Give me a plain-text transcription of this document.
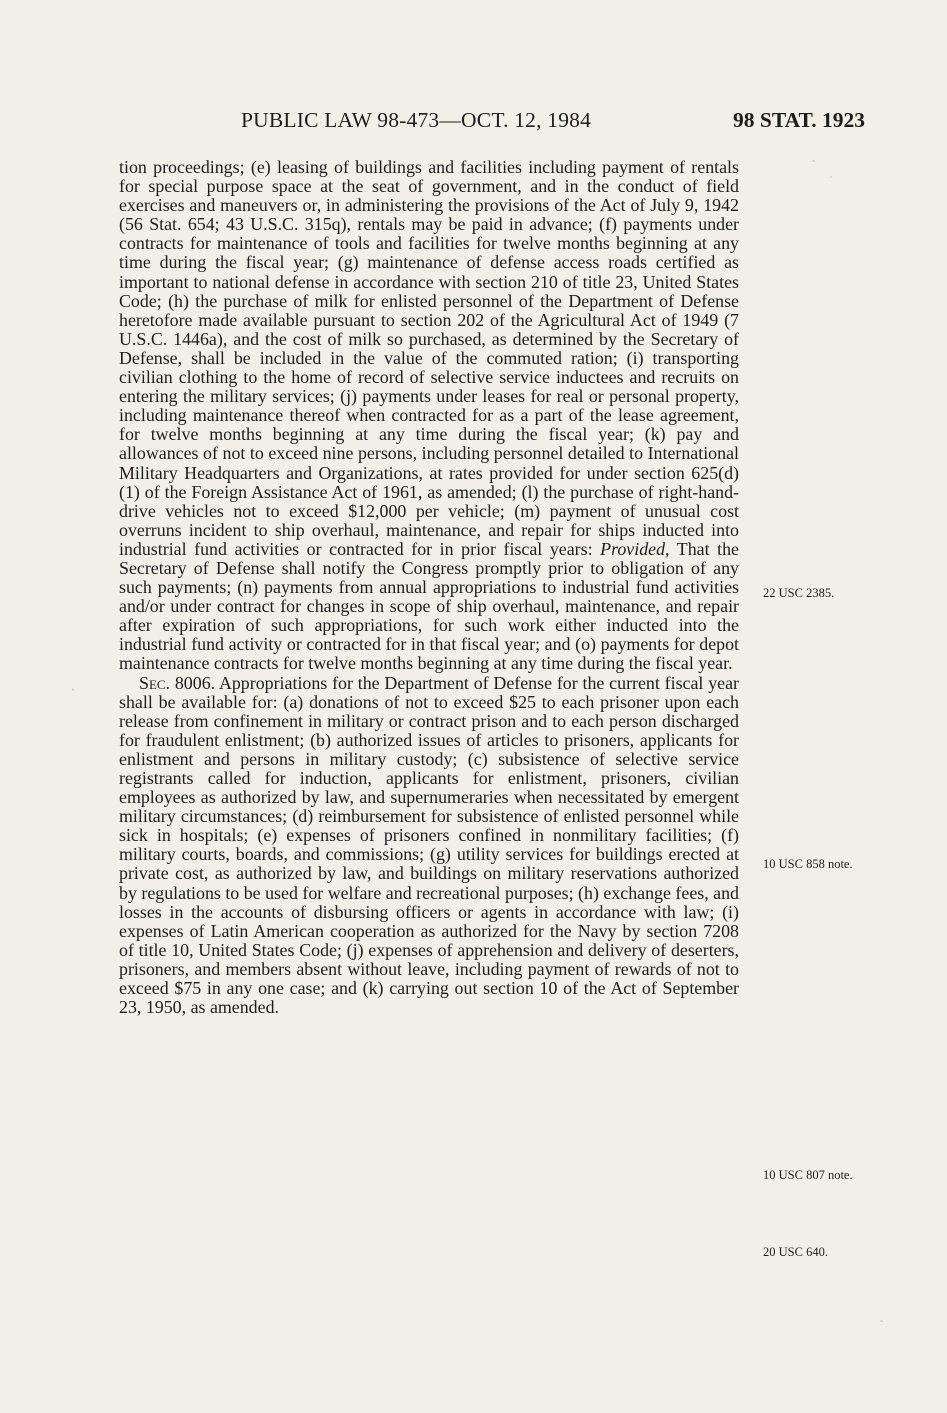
PUBLIC LAW 98-473—OCT. 12, 1984	98 STAT. 1923

tion proceedings; (e) leasing of buildings and facilities including payment of rentals for special purpose space at the seat of government, and in the conduct of field exercises and maneuvers or, in administering the provisions of the Act of July 9, 1942 (56 Stat. 654; 43 U.S.C. 315q), rentals may be paid in advance; (f) payments under contracts for maintenance of tools and facilities for twelve months beginning at any time during the fiscal year; (g) maintenance of defense access roads certified as important to national defense in accordance with section 210 of title 23, United States Code; (h) the purchase of milk for enlisted personnel of the Department of Defense heretofore made available pursuant to section 202 of the Agricultural Act of 1949 (7 U.S.C. 1446a), and the cost of milk so purchased, as determined by the Secretary of Defense, shall be included in the value of the commuted ration; (i) transporting civilian clothing to the home of record of selective service inductees and recruits on entering the military services; (j) payments under leases for real or personal property, including maintenance thereof when contracted for as a part of the lease agreement, for twelve months beginning at any time during the fiscal year; (k) pay and allowances of not to exceed nine persons, including personnel detailed to International Military Headquarters and Organizations, at rates provided for under section 625(d)(1) of the Foreign Assistance Act of 1961, as amended; (l) the purchase of right-hand-drive vehicles not to exceed $12,000 per vehicle; (m) payment of unusual cost overruns incident to ship overhaul, maintenance, and repair for ships inducted into industrial fund activities or contracted for in prior fiscal years: Provided, That the Secretary of Defense shall notify the Congress promptly prior to obligation of any such payments; (n) payments from annual appropriations to industrial fund activities and/or under contract for changes in scope of ship overhaul, maintenance, and repair after expiration of such appropriations, for such work either inducted into the industrial fund activity or contracted for in that fiscal year; and (o) payments for depot maintenance contracts for twelve months beginning at any time during the fiscal year.

Sec. 8006. Appropriations for the Department of Defense for the current fiscal year shall be available for: (a) donations of not to exceed $25 to each prisoner upon each release from confinement in military or contract prison and to each person discharged for fraudulent enlistment; (b) authorized issues of articles to prisoners, applicants for enlistment and persons in military custody; (c) subsistence of selective service registrants called for induction, applicants for enlistment, prisoners, civilian employees as authorized by law, and supernumeraries when necessitated by emergent military circumstances; (d) reimbursement for subsistence of enlisted personnel while sick in hospitals; (e) expenses of prisoners confined in nonmilitary facilities; (f) military courts, boards, and commissions; (g) utility services for buildings erected at private cost, as authorized by law, and buildings on military reservations authorized by regulations to be used for welfare and recreational purposes; (h) exchange fees, and losses in the accounts of disbursing officers or agents in accordance with law; (i) expenses of Latin American cooperation as authorized for the Navy by section 7208 of title 10, United States Code; (j) expenses of apprehension and delivery of deserters, prisoners, and members absent without leave, including payment of rewards of not to exceed $75 in any one case; and (k) carrying out section 10 of the Act of September 23, 1950, as amended.

22 USC 2385.
10 USC 858 note.
10 USC 807 note.
20 USC 640.
